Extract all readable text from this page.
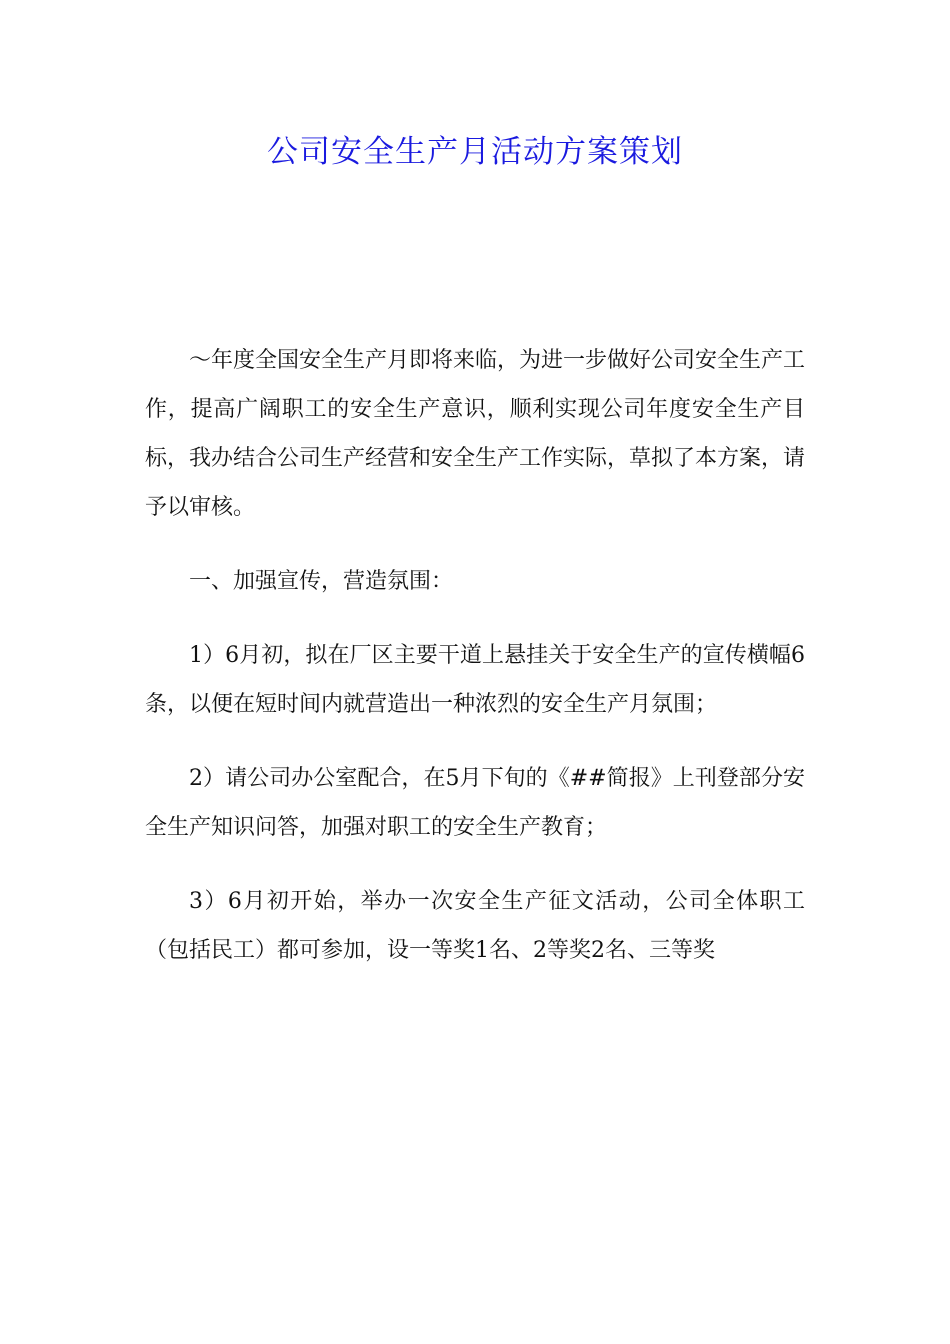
公司安全生产月活动方案策划

～年度全国安全生产月即将来临，为进一步做好公司安全生产工作，提高广阔职工的安全生产意识，顺利实现公司年度安全生产目标，我办结合公司生产经营和安全生产工作实际，草拟了本方案，请予以审核。

一、加强宣传，营造氛围：

1）6月初，拟在厂区主要干道上悬挂关于安全生产的宣传横幅6条，以便在短时间内就营造出一种浓烈的安全生产月氛围；

2）请公司办公室配合，在5月下旬的《##简报》上刊登部分安全生产知识问答，加强对职工的安全生产教育；

3）6月初开始，举办一次安全生产征文活动，公司全体职工（包括民工）都可参加，设一等奖1名、2等奖2名、三等奖
